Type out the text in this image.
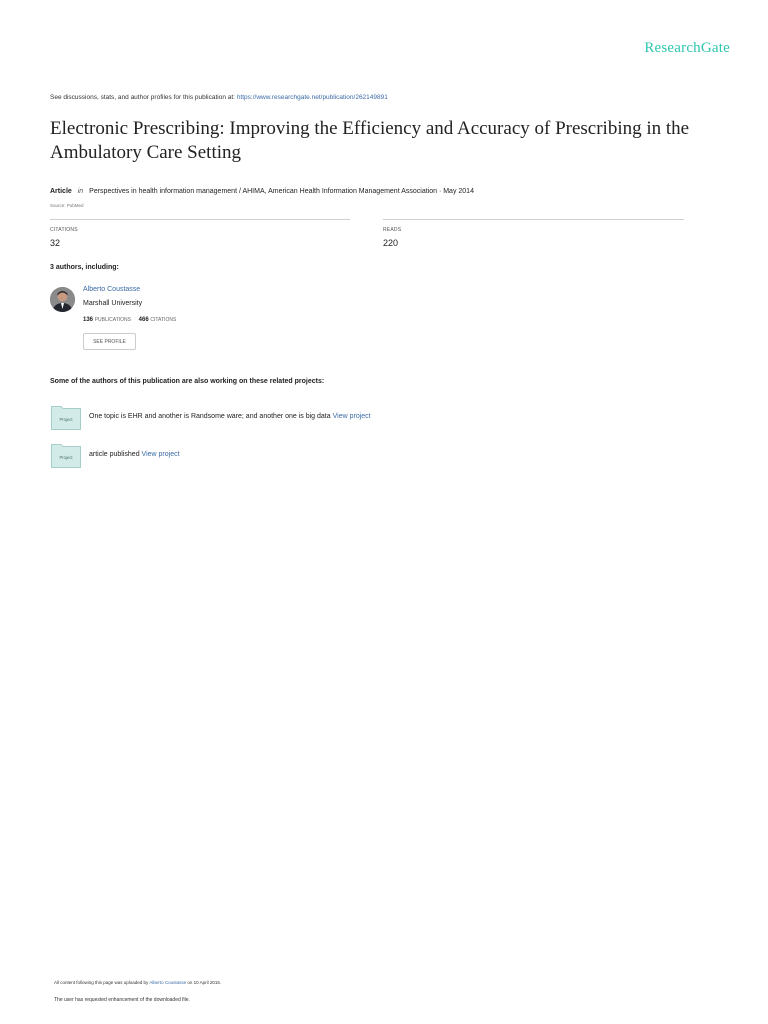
ResearchGate
See discussions, stats, and author profiles for this publication at: https://www.researchgate.net/publication/262149891
Electronic Prescribing: Improving the Efficiency and Accuracy of Prescribing in the Ambulatory Care Setting
Article in Perspectives in health information management / AHIMA, American Health Information Management Association · May 2014
Source: PubMed
CITATIONS
32
READS
220
3 authors, including:
Alberto Coustasse
Marshall University
136 PUBLICATIONS 466 CITATIONS
SEE PROFILE
Some of the authors of this publication are also working on these related projects:
Project One topic is EHR and another is Randsome ware; and another one is big data View project
Project article published View project
All content following this page was uploaded by Alberto Coustasse on 10 April 2016.
The user has requested enhancement of the downloaded file.
